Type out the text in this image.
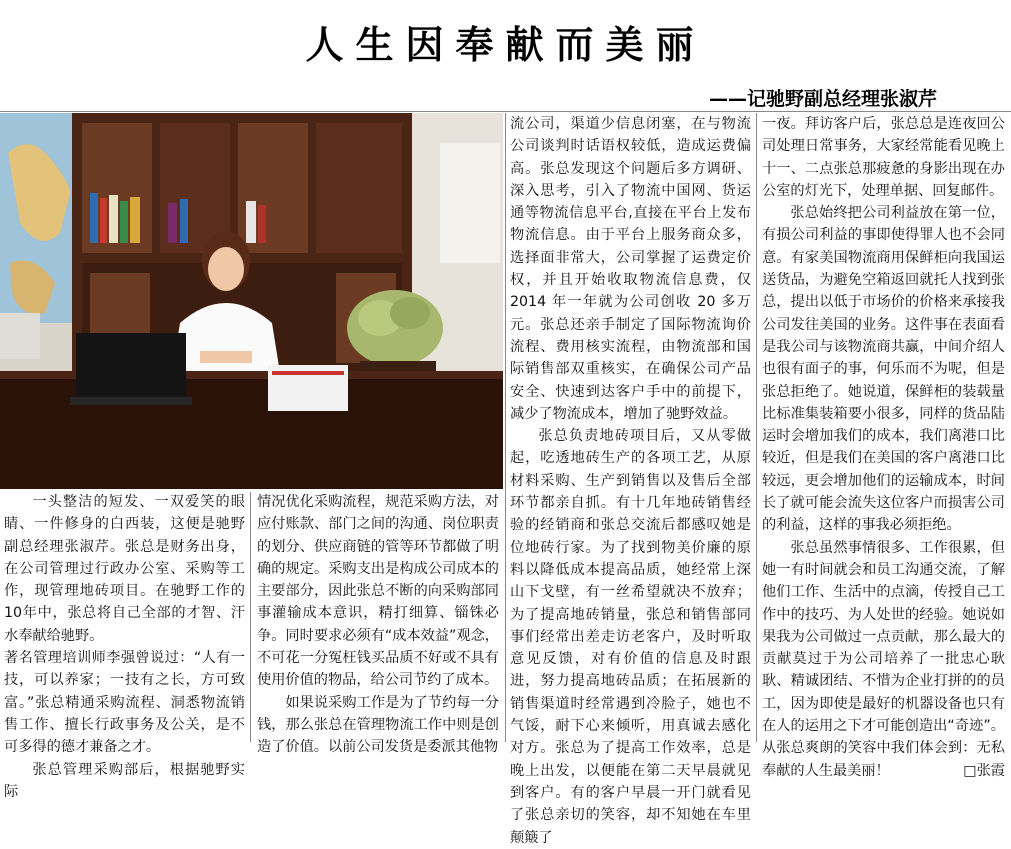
人生因奉献而美丽
——记驰野副总经理张淑芹

一头整洁的短发、一双爱笑的眼睛、一件修身的白西装，这便是驰野副总经理张淑芹。张总是财务出身，在公司管理过行政办公室、采购等工作，现管理地砖项目。在驰野工作的10年中，张总将自己全部的才智、汗水奉献给驰野。

著名管理培训师李强曾说过：“人有一技，可以养家；一技有之长，方可致富。”张总精通采购流程、洞悉物流销售工作、擅长行政事务及公关，是不可多得的德才兼备之才。

张总管理采购部后，根据驰野实际

情况优化采购流程，规范采购方法，对应付账款、部门之间的沟通、岗位职责的划分、供应商链的管等环节都做了明确的规定。采购支出是构成公司成本的主要部分，因此张总不断的向采购部同事灌输成本意识，精打细算、锱铢必争。同时要求必须有“成本效益”观念，不可花一分冤枉钱买品质不好或不具有使用价值的物品，给公司节约了成本。

如果说采购工作是为了节约每一分钱，那么张总在管理物流工作中则是创造了价值。以前公司发货是委派其他物

流公司，渠道少信息闭塞，在与物流公司谈判时话语权较低，造成运费偏高。张总发现这个问题后多方调研、深入思考，引入了物流中国网、货运通等物流信息平台,直接在平台上发布物流信息。由于平台上服务商众多，选择面非常大，公司掌握了运费定价权，并且开始收取物流信息费，仅 2014 年一年就为公司创收 20 多万元。张总还亲手制定了国际物流询价流程、费用核实流程，由物流部和国际销售部双重核实，在确保公司产品安全、快速到达客户手中的前提下，减少了物流成本，增加了驰野效益。

张总负责地砖项目后，又从零做起，吃透地砖生产的各项工艺，从原材料采购、生产到销售以及售后全部环节都亲自抓。有十几年地砖销售经验的经销商和张总交流后都感叹她是位地砖行家。为了找到物美价廉的原料以降低成本提高品质，她经常上深山下戈壁，有一丝希望就决不放弃；为了提高地砖销量，张总和销售部同事们经常出差走访老客户，及时听取意见反馈，对有价值的信息及时跟进，努力提高地砖品质；在拓展新的销售渠道时经常遇到冷脸子，她也不气馁，耐下心来倾听，用真诚去感化对方。张总为了提高工作效率，总是晚上出发，以便能在第二天早晨就见到客户。有的客户早晨一开门就看见了张总亲切的笑容，却不知她在车里颠簸了

一夜。拜访客户后，张总总是连夜回公司处理日常事务，大家经常能看见晚上十一、二点张总那疲惫的身影出现在办公室的灯光下，处理单据、回复邮件。

张总始终把公司利益放在第一位，有损公司利益的事即使得罪人也不会同意。有家美国物流商用保鲜柜向我国运送货品，为避免空箱返回就托人找到张总，提出以低于市场价的价格来承接我公司发往美国的业务。这件事在表面看是我公司与该物流商共赢，中间介绍人也很有面子的事，何乐而不为呢，但是张总拒绝了。她说道，保鲜柜的装载量比标准集装箱要小很多，同样的货品陆运时会增加我们的成本，我们离港口比较近，但是我们在美国的客户离港口比较远，更会增加他们的运输成本，时间长了就可能会流失这位客户而损害公司的利益，这样的事我必须拒绝。

张总虽然事情很多、工作很累，但她一有时间就会和员工沟通交流，了解他们工作、生活中的点滴，传授自己工作中的技巧、为人处世的经验。她说如果我为公司做过一点贡献，那么最大的贡献莫过于为公司培养了一批忠心耿耿、精诚团结、不惜为企业打拼的的员工，因为即使是最好的机器设备也只有在人的运用之下才可能创造出“奇迹”。从张总爽朗的笑容中我们体会到：无私奉献的人生最美丽！	□张霞
